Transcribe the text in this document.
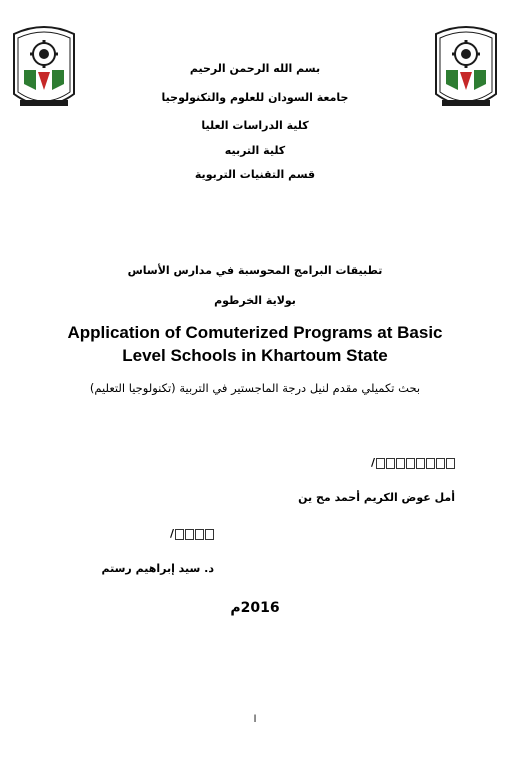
بسم الله الرحمن الرحيم
جامعة السودان للعلوم والتكنولوجيا
كلية الدراسات العليا
كلية التربيه
قسم التقنيات التربوية
تطبيقات البرامج المحوسبة في مدارس الأساس
بولاية الخرطوم
Application of Comuterized Programs at Basic
Level Schools in Khartoum State
بحث تكميلي مقدم لنيل درجة الماجستير في التربية (تكنولوجيا التعليم)
/
أمل عوض الكريم أحمد مح ين
/
د. سيد إبراهيم رستم
2016م
ا
